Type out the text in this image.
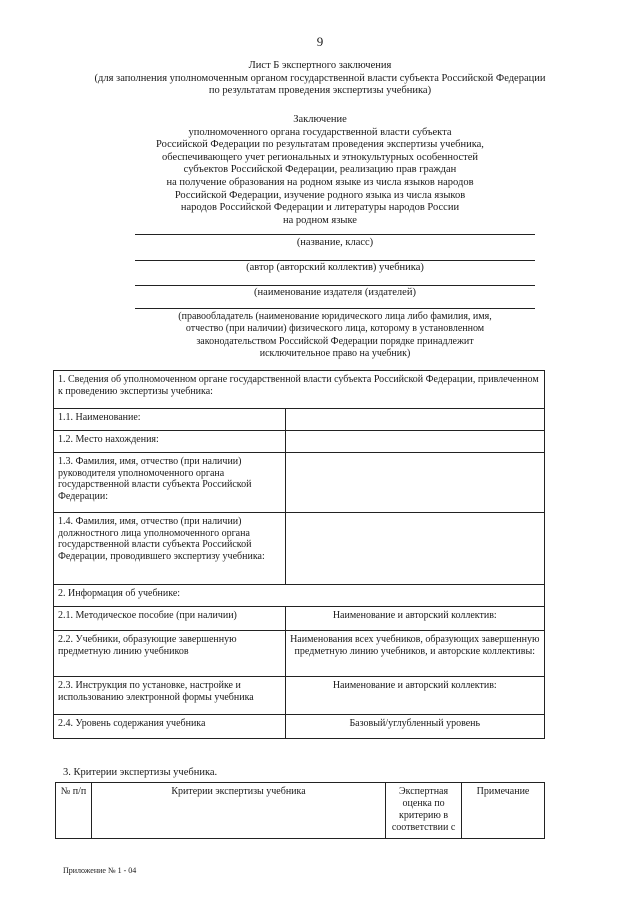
9
Лист Б экспертного заключения
(для заполнения уполномоченным органом государственной власти субъекта Российской Федерации
по результатам проведения экспертизы учебника)
Заключение
уполномоченного органа государственной власти субъекта
Российской Федерации по результатам проведения экспертизы учебника,
обеспечивающего учет региональных и этнокультурных особенностей
субъектов Российской Федерации, реализацию прав граждан
на получение образования на родном языке из числа языков народов
Российской Федерации, изучение родного языка из числа языков
народов Российской Федерации и литературы народов России
на родном языке
(название, класс)
(автор (авторский коллектив) учебника)
(наименование издателя (издателей)
(правообладатель (наименование юридического лица либо фамилия, имя,
отчество (при наличии) физического лица, которому в установленном
законодательством Российской Федерации порядке принадлежит
исключительное право на учебник)
1. Сведения об уполномоченном органе государственной власти субъекта Российской Федерации, привлеченном к проведению экспертизы учебника:	
1.1. Наименование:	
1.2. Место нахождения:	
1.3. Фамилия, имя, отчество (при наличии) руководителя уполномоченного органа государственной власти субъекта Российской Федерации:	
1.4. Фамилия, имя, отчество (при наличии) должностного лица уполномоченного органа государственной власти субъекта Российской Федерации, проводившего экспертизу учебника:	
2. Информация об учебнике:	
2.1. Методическое пособие (при наличии)	Наименование и авторский коллектив:
2.2. Учебники, образующие завершенную предметную линию учебников	Наименования всех учебников, образующих завершенную предметную линию учебников, и авторские коллективы:
2.3. Инструкция по установке, настройке и использованию электронной формы учебника	Наименование и авторский коллектив:
2.4. Уровень содержания учебника	Базовый/углубленный уровень
3. Критерии экспертизы учебника.
№ п/п	Критерии экспертизы учебника	Экспертная оценка по критерию в соответствии с	Примечание
Приложение № 1 - 04
